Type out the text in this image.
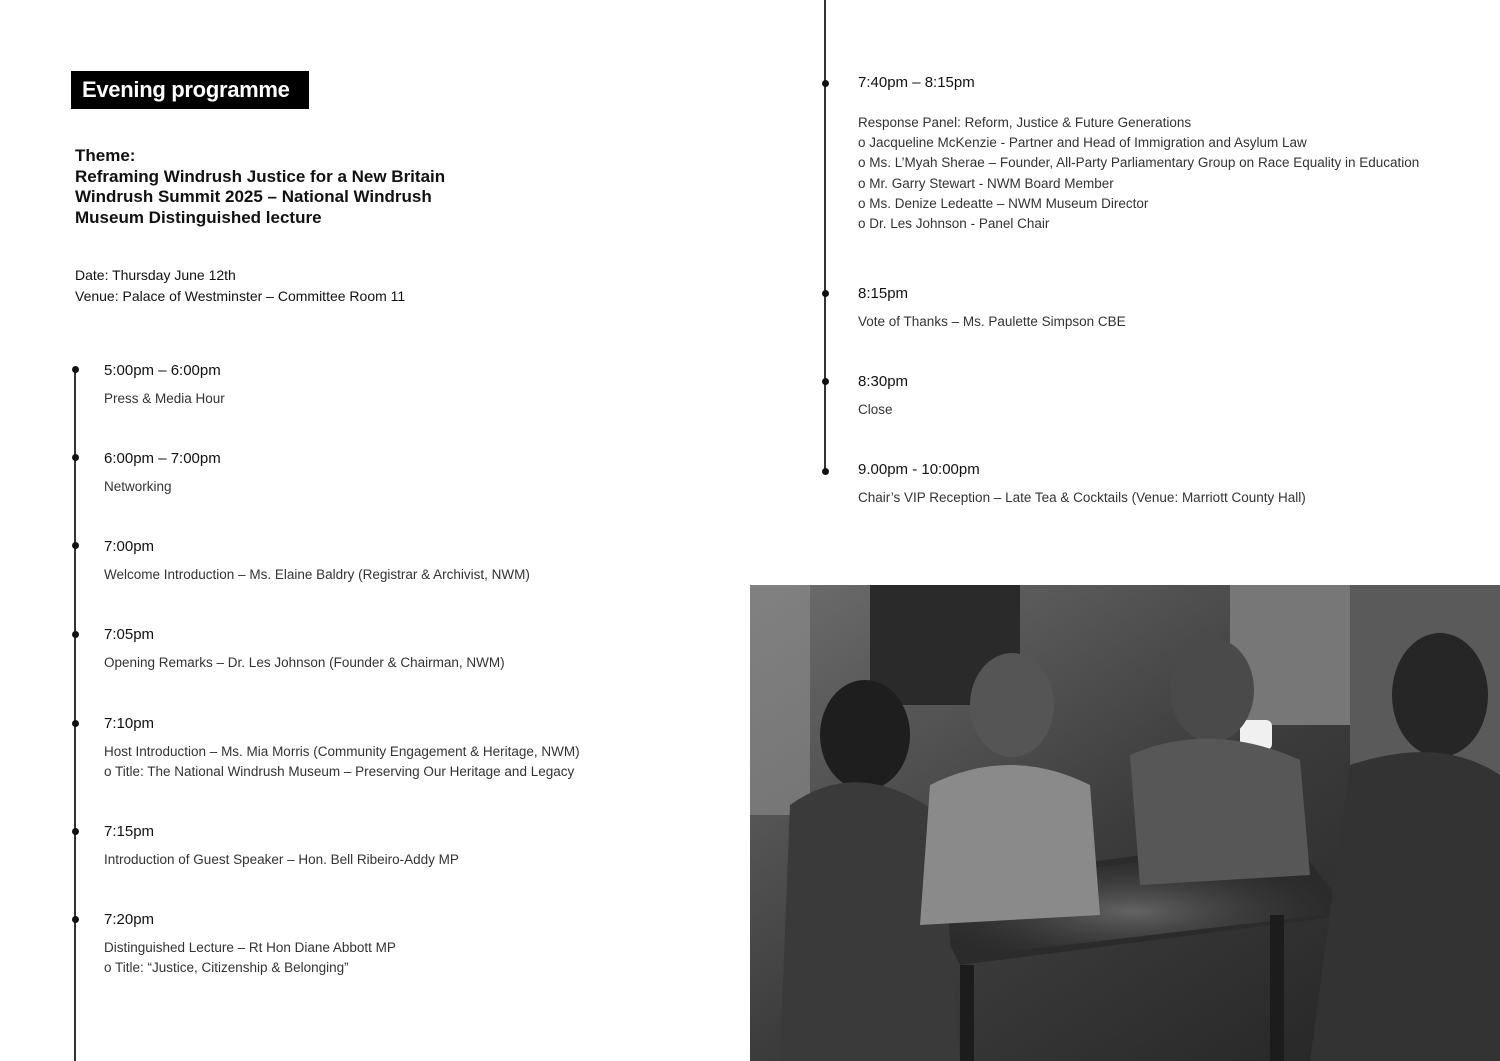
Evening programme
Theme:
Reframing Windrush Justice for a New Britain
Windrush Summit 2025 – National Windrush
Museum Distinguished lecture
Date: Thursday June 12th
Venue: Palace of Westminster – Committee Room 11
5:00pm – 6:00pm
Press & Media Hour
6:00pm – 7:00pm
Networking
7:00pm
Welcome Introduction – Ms. Elaine Baldry (Registrar & Archivist, NWM)
7:05pm
Opening Remarks – Dr. Les Johnson (Founder & Chairman, NWM)
7:10pm
Host Introduction – Ms. Mia Morris (Community Engagement & Heritage, NWM)
o Title: The National Windrush Museum – Preserving Our Heritage and Legacy
7:15pm
Introduction of Guest Speaker – Hon. Bell Ribeiro-Addy MP
7:20pm
Distinguished Lecture – Rt Hon Diane Abbott MP
o Title: “Justice, Citizenship & Belonging”
7:40pm – 8:15pm
Response Panel: Reform, Justice & Future Generations
o Jacqueline McKenzie - Partner and Head of Immigration and Asylum Law
o Ms. L’Myah Sherae – Founder, All-Party Parliamentary Group on Race Equality in Education
o Mr. Garry Stewart - NWM Board Member
o Ms. Denize Ledeatte – NWM Museum Director
o Dr. Les Johnson - Panel Chair
8:15pm
Vote of Thanks – Ms. Paulette Simpson CBE
8:30pm
Close
9.00pm - 10:00pm
Chair’s VIP Reception – Late Tea & Cocktails (Venue: Marriott County Hall)
